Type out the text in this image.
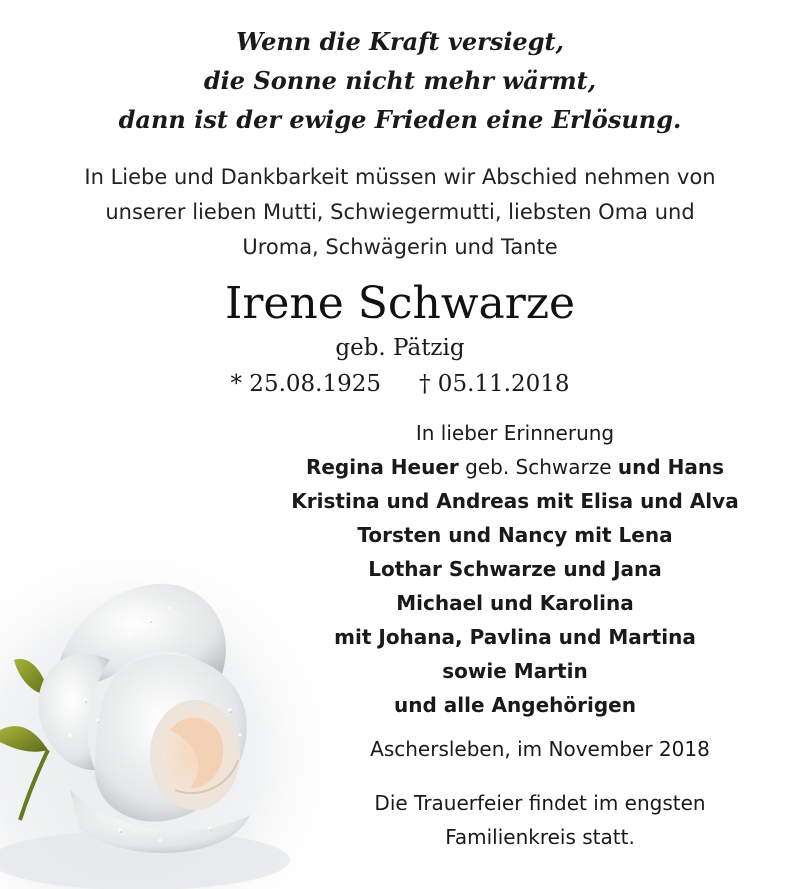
Wenn die Kraft versiegt,
die Sonne nicht mehr wärmt,
dann ist der ewige Frieden eine Erlösung.
In Liebe und Dankbarkeit müssen wir Abschied nehmen von
unserer lieben Mutti, Schwiegermutti, liebsten Oma und
Uroma, Schwägerin und Tante
Irene Schwarze
geb. Pätzig
* 25.08.1925 † 05.11.2018
In lieber Erinnerung
Regina Heuer geb. Schwarze und Hans
Kristina und Andreas mit Elisa und Alva
Torsten und Nancy mit Lena
Lothar Schwarze und Jana
Michael und Karolina
mit Johana, Pavlina und Martina
sowie Martin
und alle Angehörigen
Aschersleben, im November 2018
Die Trauerfeier findet im engsten
Familienkreis statt.
